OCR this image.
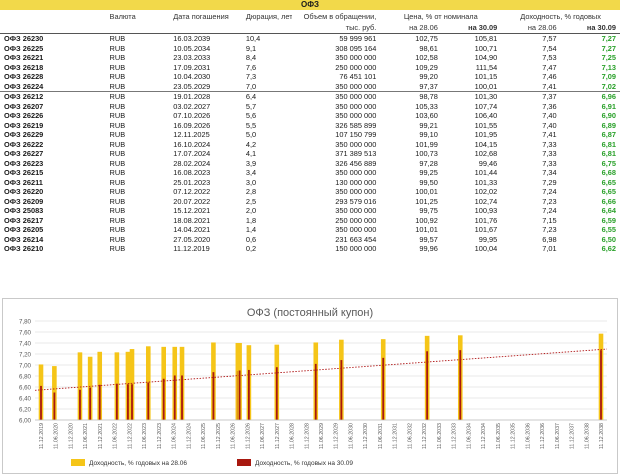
ОФЗ
	Валюта	Дата погашения	Дюрация, лет	Объем в обращении,	Цена, % от номинала		Доходность, % годовых	
				тыс. руб.	на 28.06	на 30.09	на 28.06	на 30.09
ОФЗ 26230	RUB	16.03.2039	10,4	59 999 961	102,75	105,81	7,57	7,27
ОФЗ 26225	RUB	10.05.2034	9,1	308 095 164	98,61	100,71	7,54	7,27
ОФЗ 26221	RUB	23.03.2033	8,4	350 000 000	102,58	104,90	7,53	7,25
ОФЗ 26218	RUB	17.09.2031	7,6	250 000 000	109,29	111,54	7,47	7,13
ОФЗ 26228	RUB	10.04.2030	7,3	76 451 101	99,20	101,15	7,46	7,09
ОФЗ 26224	RUB	23.05.2029	7,0	350 000 000	97,37	100,01	7,41	7,02
ОФЗ 26212	RUB	19.01.2028	6,4	350 000 000	98,78	101,30	7,37	6,96
ОФЗ 26207	RUB	03.02.2027	5,7	350 000 000	105,33	107,74	7,36	6,91
ОФЗ 26226	RUB	07.10.2026	5,6	350 000 000	103,60	106,40	7,40	6,90
ОФЗ 26219	RUB	16.09.2026	5,5	326 585 899	99,21	101,55	7,40	6,89
ОФЗ 26229	RUB	12.11.2025	5,0	107 150 799	99,10	101,95	7,41	6,87
ОФЗ 26222	RUB	16.10.2024	4,2	350 000 000	101,99	104,15	7,33	6,81
ОФЗ 26227	RUB	17.07.2024	4,1	371 389 513	100,73	102,68	7,33	6,81
ОФЗ 26223	RUB	28.02.2024	3,9	326 456 889	97,28	99,46	7,33	6,75
ОФЗ 26215	RUB	16.08.2023	3,4	350 000 000	99,25	101,44	7,34	6,68
ОФЗ 26211	RUB	25.01.2023	3,0	130 000 000	99,50	101,33	7,29	6,65
ОФЗ 26220	RUB	07.12.2022	2,8	350 000 000	100,01	102,02	7,24	6,65
ОФЗ 26209	RUB	20.07.2022	2,5	293 579 016	101,25	102,74	7,23	6,66
ОФЗ 25083	RUB	15.12.2021	2,0	350 000 000	99,75	100,93	7,24	6,64
ОФЗ 26217	RUB	18.08.2021	1,8	250 000 000	100,92	101,76	7,15	6,59
ОФЗ 26205	RUB	14.04.2021	1,4	350 000 000	101,01	101,67	7,23	6,55
ОФЗ 26214	RUB	27.05.2020	0,6	231 663 454	99,57	99,95	6,98	6,50
ОФЗ 26210	RUB	11.12.2019	0,2	150 000 000	99,96	100,04	7,01	6,62
ОФЗ (постоянный купон)
6,00
6,20
6,40
6,60
6,80
7,00
7,20
7,40
7,60
7,80
11.12.2019 11.06.2020 11.12.2020 11.06.2021 11.12.2021 11.06.2022 11.12.2022 11.06.2023 11.12.2023 11.06.2024 11.12.2024 11.06.2025 11.12.2025 11.06.2026 11.12.2026 11.06.2027 11.12.2027 11.06.2028 11.12.2028 11.06.2029 11.12.2029 11.06.2030 11.12.2030 11.06.2031 11.12.2031 11.06.2032 11.12.2032 11.06.2033 11.12.2033 11.06.2034 11.12.2034 11.06.2035 11.12.2035 11.06.2036 11.12.2036 11.06.2037 11.12.2037 11.06.2038 11.12.2038
Доходность, % годовых на 28.06	Доходность, % годовых на 30.09
